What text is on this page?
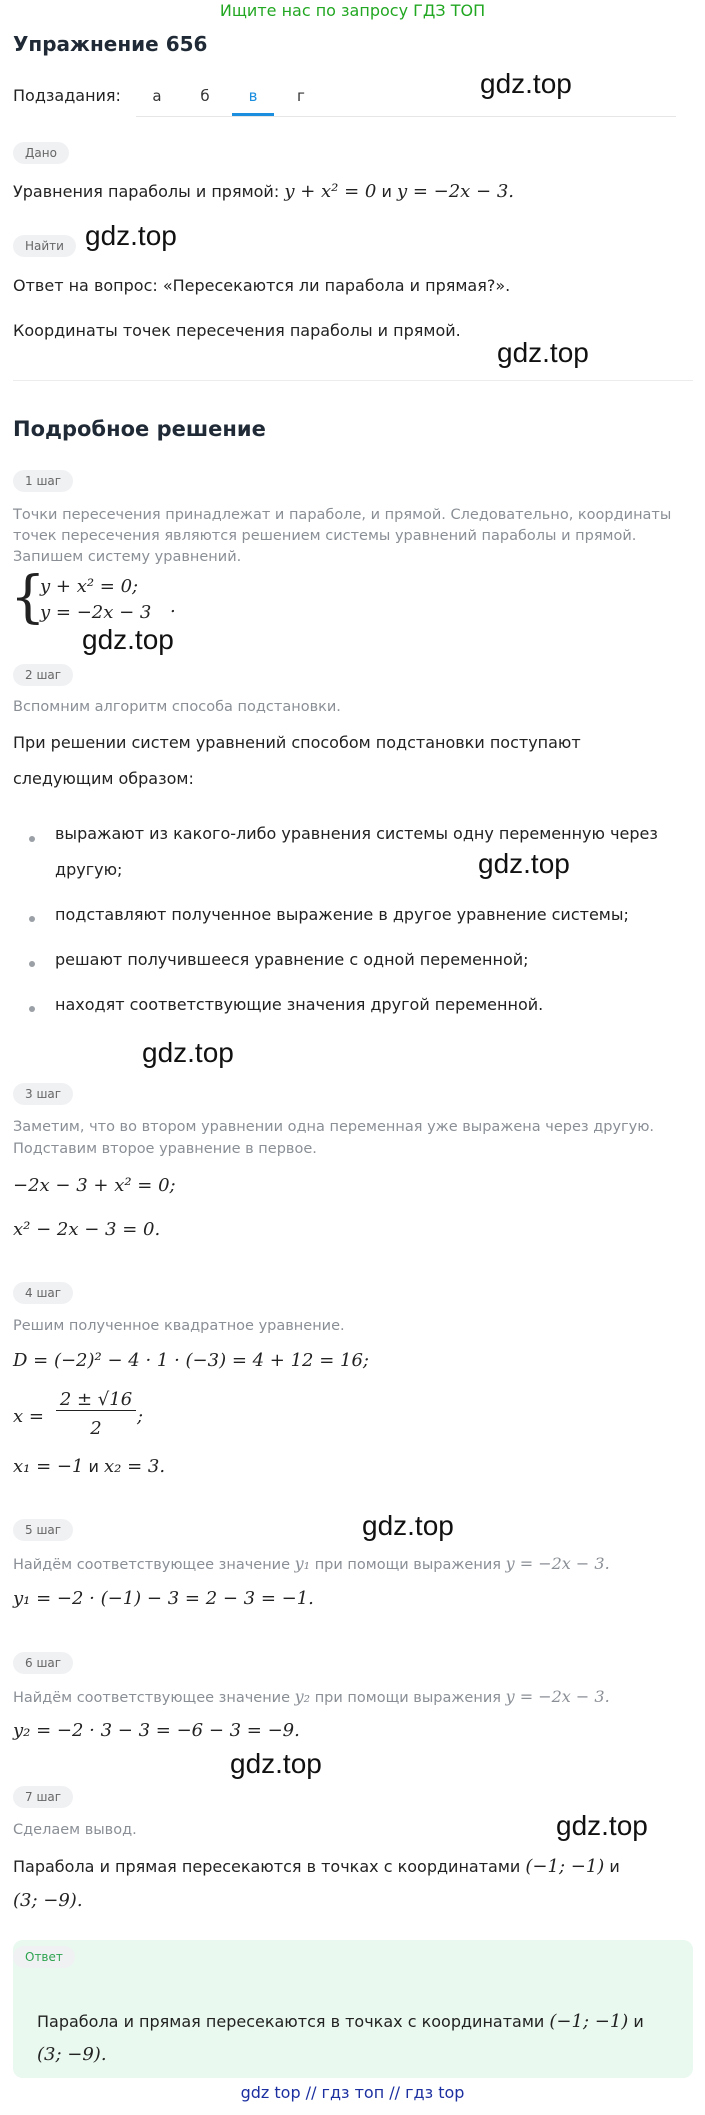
Ищите нас по запросу ГДЗ ТОП
Упражнение 656
Подзадания:	а	б	в	г	gdz.top
gdz.top
gdz.top
gdz.top
gdz.top
gdz.top
gdz.top
gdz.top
gdz.top
Дано
Уравнения параболы и прямой: y + x² = 0 и y = −2x − 3.
Найти
Ответ на вопрос: «Пересекаются ли парабола и прямая?».
Координаты точек пересечения параболы и прямой.
Подробное решение
1 шаг
Точки пересечения принадлежат и параболе, и прямой. Следовательно, координаты точек пересечения являются решением системы уравнений параболы и прямой. Запишем систему уравнений.
{
y + x² = 0;
y = −2x − 3 .
2 шаг
Вспомним алгоритм способа подстановки.
При решении систем уравнений способом подстановки поступают
следующим образом:
выражают из какого-либо уравнения системы одну переменную через
другую;
подставляют полученное выражение в другое уравнение системы;
решают получившееся уравнение с одной переменной;
находят соответствующие значения другой переменной.
3 шаг
Заметим, что во втором уравнении одна переменная уже выражена через другую.
Подставим второе уравнение в первое.
−2x − 3 + x² = 0;
x² − 2x − 3 = 0.
4 шаг
Решим полученное квадратное уравнение.
D = (−2)² − 4 · 1 · (−3) = 4 + 12 = 16;
x =
2 ± √16
2
;
x₁ = −1 и x₂ = 3.
5 шаг
Найдём соответствующее значение y₁ при помощи выражения y = −2x − 3.
y₁ = −2 · (−1) − 3 = 2 − 3 = −1.
6 шаг
Найдём соответствующее значение y₂ при помощи выражения y = −2x − 3.
y₂ = −2 · 3 − 3 = −6 − 3 = −9.
7 шаг
Сделаем вывод.
Парабола и прямая пересекаются в точках с координатами (−1; −1) и
(3; −9).
Ответ
Парабола и прямая пересекаются в точках с координатами (−1; −1) и
(3; −9).
gdz top // гдз топ // гдз top
